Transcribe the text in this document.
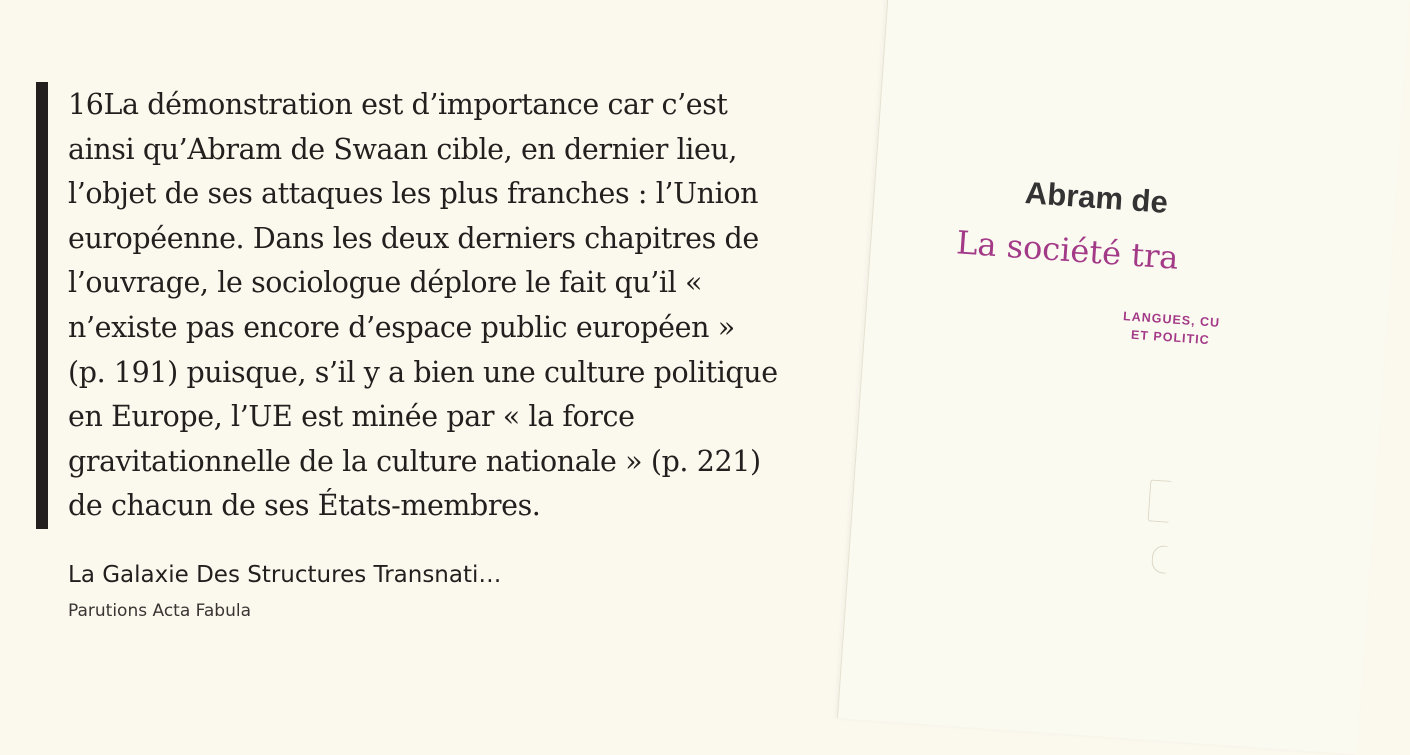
Abram de
La société tra
LANGUES, CU
ET POLITIC

16La démonstration est d’importance car c’est ainsi qu’Abram de Swaan cible, en dernier lieu, l’objet de ses attaques les plus franches : l’Union européenne. Dans les deux derniers chapitres de l’ouvrage, le sociologue déplore le fait qu’il « n’existe pas encore d’espace public européen » (p. 191) puisque, s’il y a bien une culture politique en Europe, l’UE est minée par « la force gravitationnelle de la culture nationale » (p. 221) de chacun de ses États-membres.

La Galaxie Des Structures Transnati…
Parutions Acta Fabula
